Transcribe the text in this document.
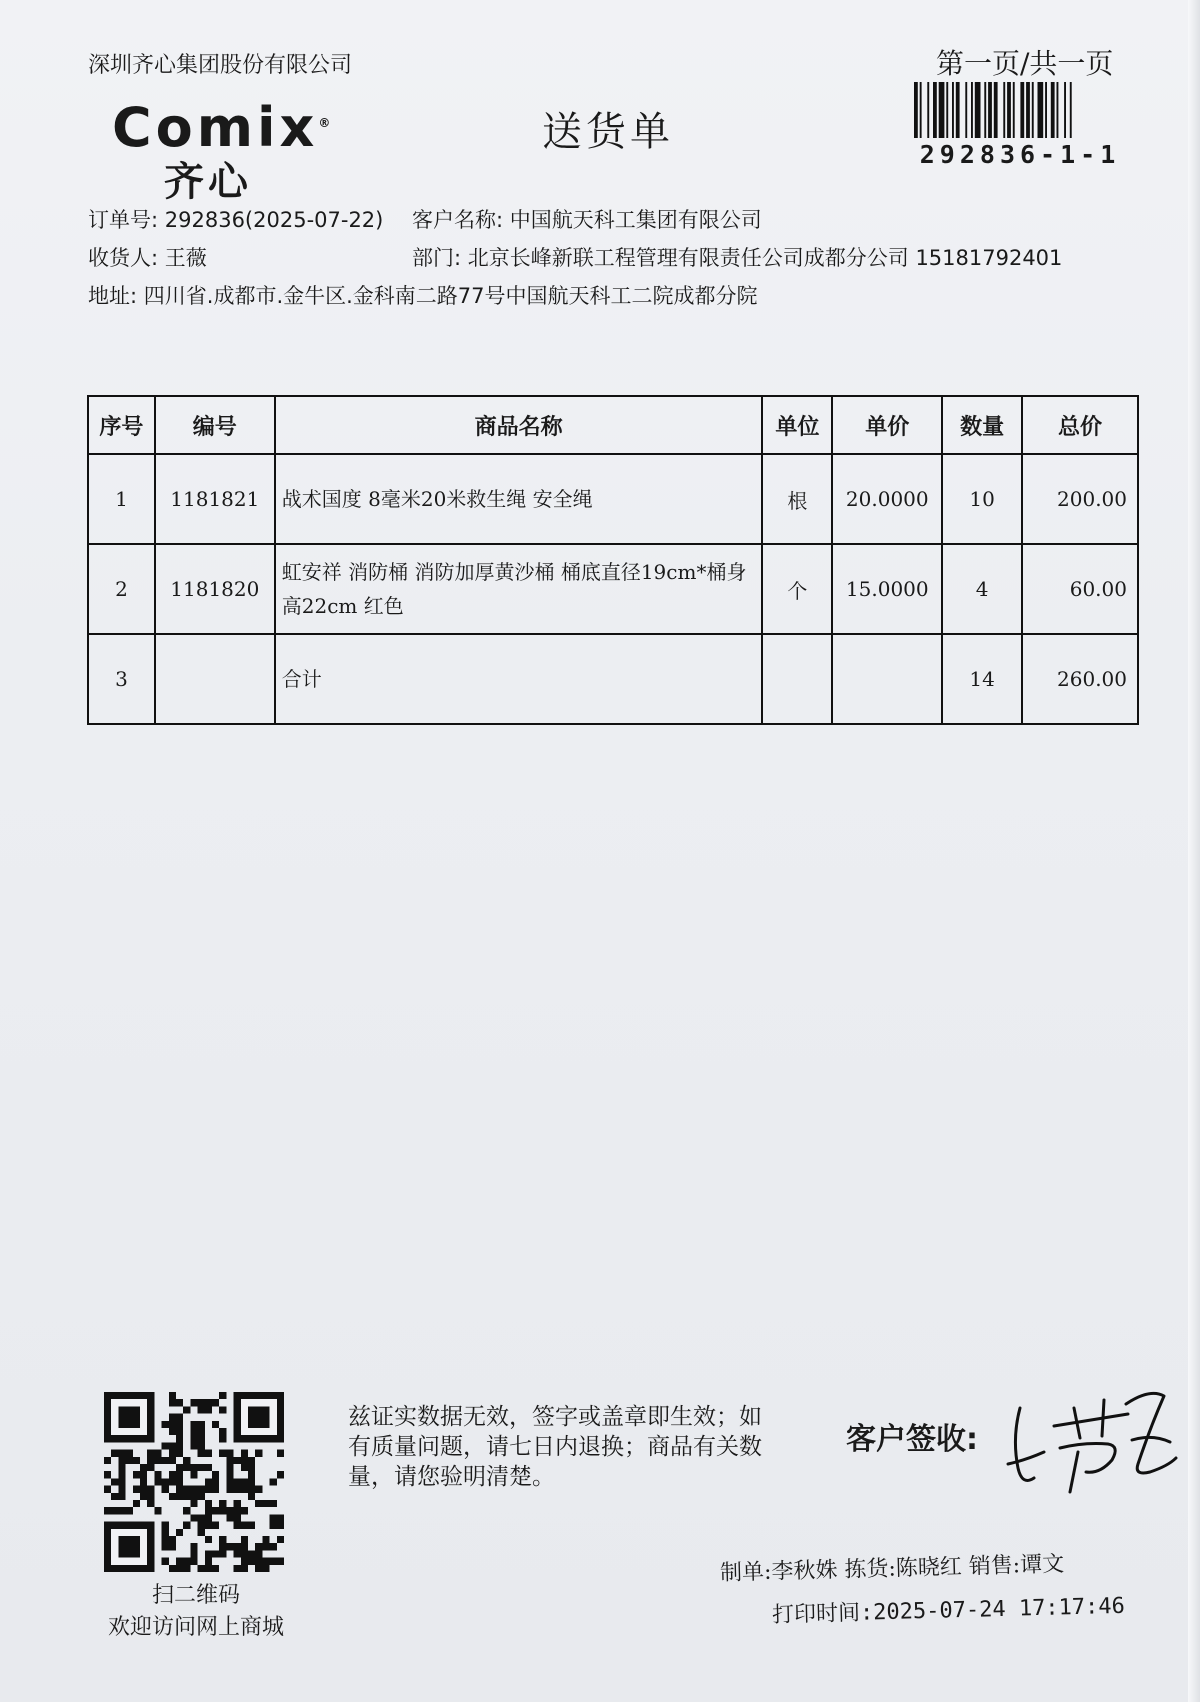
深圳齐心集团股份有限公司	第一页/共一页
Comix®
齐心
送货单	292836-1-1
订单号: 292836(2025-07-22) 客户名称: 中国航天科工集团有限公司
收货人: 王薇	部门: 北京长峰新联工程管理有限责任公司成都分公司 15181792401
地址: 四川省.成都市.金牛区.金科南二路77号中国航天科工二院成都分院
序号	编号	商品名称	单位	单价	数量	总价
1	1181821	战术国度 8毫米20米救生绳 安全绳	根	20.0000	10	200.00
2	1181820	虹安祥 消防桶 消防加厚黄沙桶 桶底直径19cm*桶身高22cm 红色	个	15.0000	4	60.00
3		合计			14	260.00
扫二维码
欢迎访问网上商城
兹证实数据无效，签字或盖章即生效；如有质量问题，请七日内退换；商品有关数量，请您验明清楚。
客户签收:
制单:李秋姝 拣货:陈晓红 销售:谭文
打印时间:2025-07-24 17:17:46
